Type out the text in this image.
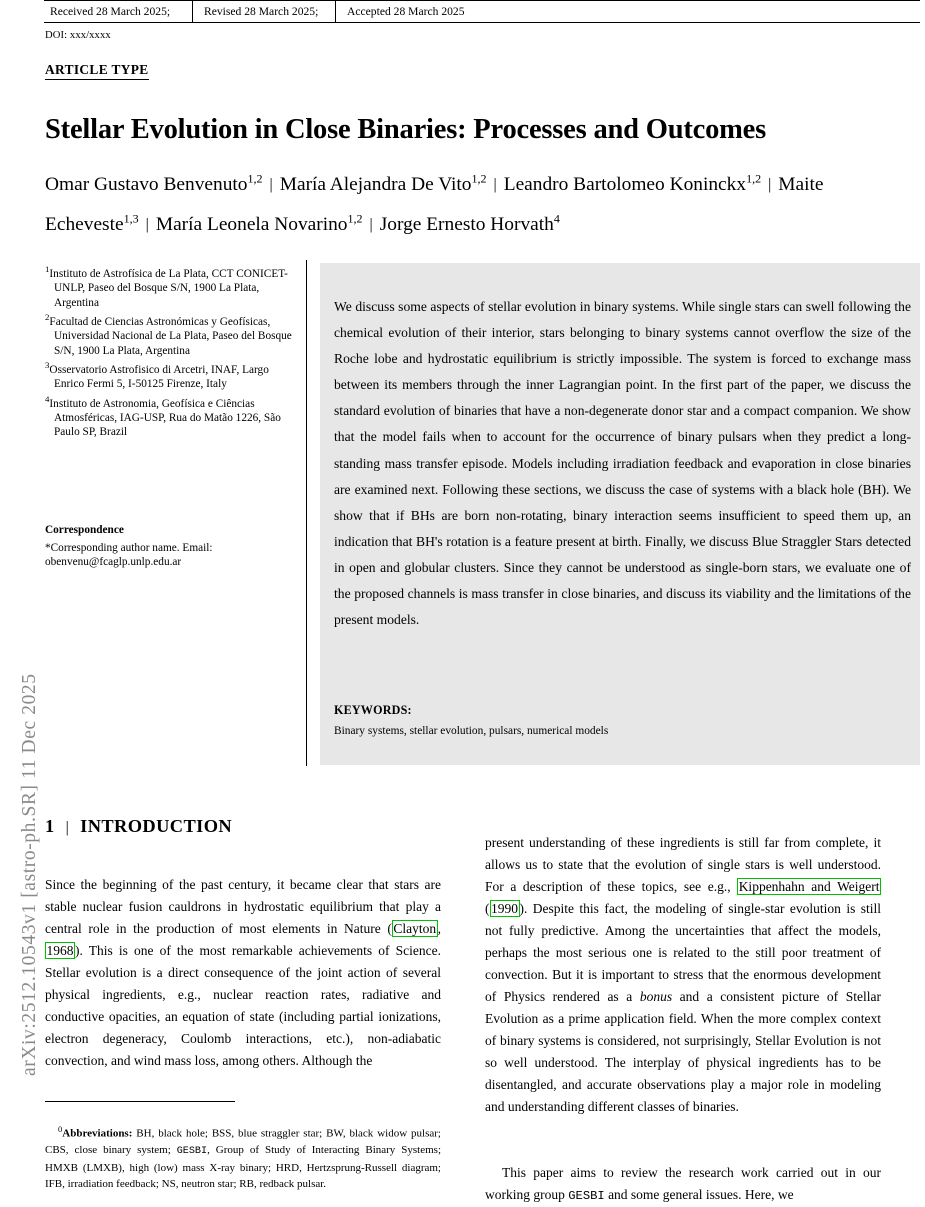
arXiv:2512.10543v1 [astro-ph.SR] 11 Dec 2025
Received 28 March 2025;	Revised 28 March 2025; Accepted 28 March 2025
DOI: xxx/xxxx
ARTICLE TYPE
Stellar Evolution in Close Binaries: Processes and Outcomes
Omar Gustavo Benvenuto$^{1,2}$ | María Alejandra De Vito$^{1,2}$ | Leandro Bartolomeo Koninckx$^{1,2}$ | Maite Echeveste$^{1,3}$ | María Leonela Novarino$^{1,2}$ | Jorge Ernesto Horvath$^4$
$^1$Instituto de Astrofísica de La Plata, CCT CONICET-UNLP, Paseo del Bosque S/N, 1900 La Plata, Argentina
$^2$Facultad de Ciencias Astronómicas y Geofísicas, Universidad Nacional de La Plata, Paseo del Bosque S/N, 1900 La Plata, Argentina
$^3$Osservatorio Astrofisico di Arcetri, INAF, Largo Enrico Fermi 5, I-50125 Firenze, Italy
$^4$Instituto de Astronomia, Geofísica e Ciências Atmosféricas, IAG-USP, Rua do Matão 1226, São Paulo SP, Brazil
Correspondence
*Corresponding author name. Email: obenvenu@fcaglp.unlp.edu.ar
We discuss some aspects of stellar evolution in binary systems. While single stars can swell following the chemical evolution of their interior, stars belonging to binary systems cannot overflow the size of the Roche lobe and hydrostatic equilibrium is strictly impossible. The system is forced to exchange mass between its members through the inner Lagrangian point. In the first part of the paper, we discuss the standard evolution of binaries that have a non-degenerate donor star and a compact companion. We show that the model fails when to account for the occurrence of binary pulsars when they predict a long-standing mass transfer episode. Models including irradiation feedback and evaporation in close binaries are examined next. Following these sections, we discuss the case of systems with a black hole (BH). We show that if BHs are born non-rotating, binary interaction seems insufficient to speed them up, an indication that BH's rotation is a feature present at birth. Finally, we discuss Blue Straggler Stars detected in open and globular clusters. Since they cannot be understood as single-born stars, we evaluate one of the proposed channels is mass transfer in close binaries, and discuss its viability and the limitations of the present models.
KEYWORDS:
Binary systems, stellar evolution, pulsars, numerical models
1 | INTRODUCTION

Since the beginning of the past century, it became clear that stars are stable nuclear fusion cauldrons in hydrostatic equilibrium that play a central role in the production of most elements in Nature ( Clayton , 1968 ). This is one of the most remarkable achievements of Science. Stellar evolution is a direct consequence of the joint action of several physical ingredients, e.g., nuclear reaction rates, radiative and conductive opacities, an equation of state (including partial ionizations, electron degeneracy, Coulomb interactions, etc.), non-adiabatic convection, and wind mass loss, among others. Although the

present understanding of these ingredients is still far from complete, it allows us to state that the evolution of single stars is well understood. For a description of these topics, see e.g., Kippenhahn and Weigert ( 1990 ). Despite this fact, the modeling of single-star evolution is still not fully predictive. Among the uncertainties that affect the models, perhaps the most serious one is related to the still poor treatment of convection. But it is important to stress that the enormous development of Physics rendered as a bonus and a consistent picture of Stellar Evolution as a prime application field. When the more complex context of binary systems is considered, not surprisingly, Stellar Evolution is not so well understood. The interplay of physical ingredients has to be disentangled, and accurate observations play a major role in modeling and understanding different classes of binaries.

This paper aims to review the research work carried out in our working group GESBI and some general issues. Here, we

$^0$Abbreviations: BH, black hole; BSS, blue straggler star; BW, black widow pulsar; CBS, close binary system; GESBI, Group of Study of Interacting Binary Systems; HMXB (LMXB), high (low) mass X-ray binary; HRD, Hertzsprung-Russell diagram; IFB, irradiation feedback; NS, neutron star; RB, redback pulsar.
